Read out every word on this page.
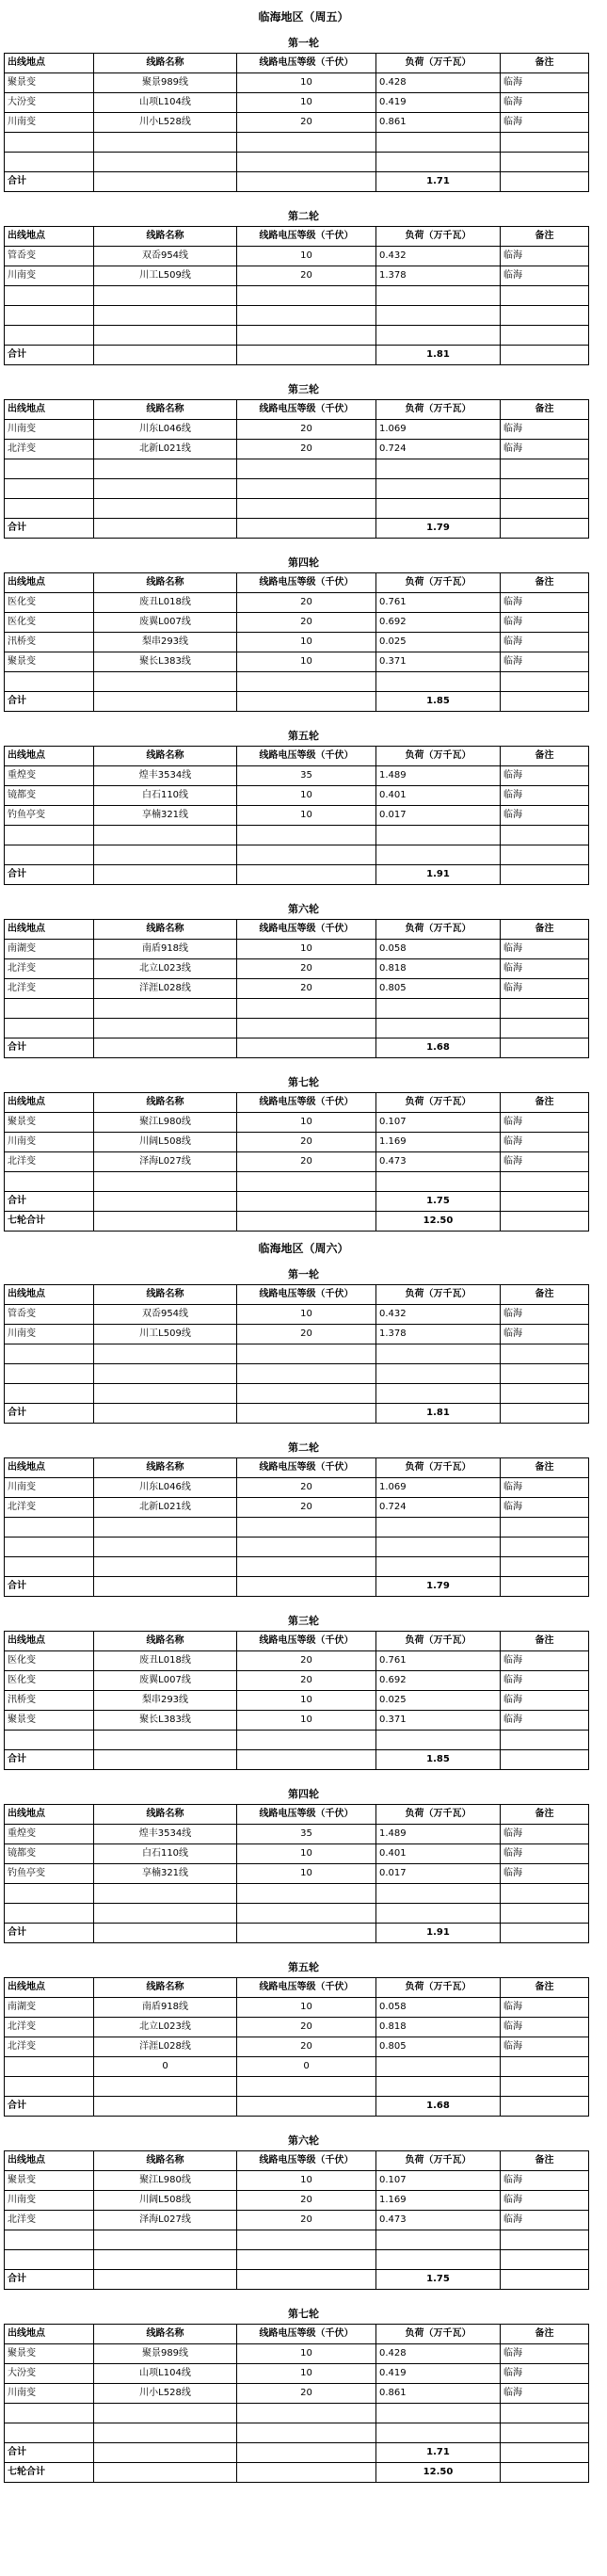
临海地区（周五）
第一轮
出线地点	线路名称	线路电压等级（千伏）	负荷（万千瓦）	备注
聚景变	聚景989线	10	0.428	临海
大汾变	山项L104线	10	0.419	临海
川南变	川小L528线	20	0.861	临海

合计			1.71	
第二轮
出线地点	线路名称	线路电压等级（千伏）	负荷（万千瓦）	备注
管岙变	双岙954线	10	0.432	临海
川南变	川工L509线	20	1.378	临海

合计			1.81	
第三轮
出线地点	线路名称	线路电压等级（千伏）	负荷（万千瓦）	备注
川南变	川东L046线	20	1.069	临海
北洋变	北新L021线	20	0.724	临海

合计			1.79	
第四轮
出线地点	线路名称	线路电压等级（千伏）	负荷（万千瓦）	备注
医化变	废丑L018线	20	0.761	临海
医化变	废翼L007线	20	0.692	临海
汛桥变	梨串293线	10	0.025	临海
聚景变	聚长L383线	10	0.371	临海

合计			1.85	
第五轮
出线地点	线路名称	线路电压等级（千伏）	负荷（万千瓦）	备注
重煌变	煌丰3534线	35	1.489	临海
镜都变	白石110线	10	0.401	临海
钓鱼亭变	享楠321线	10	0.017	临海

合计			1.91	
第六轮
出线地点	线路名称	线路电压等级（千伏）	负荷（万千瓦）	备注
南湖变	南盾918线	10	0.058	临海
北洋变	北立L023线	20	0.818	临海
北洋变	洋涯L028线	20	0.805	临海

合计			1.68	
第七轮
出线地点	线路名称	线路电压等级（千伏）	负荷（万千瓦）	备注
聚景变	聚江L980线	10	0.107	临海
川南变	川阔L508线	20	1.169	临海
北洋变	泽海L027线	20	0.473	临海

合计			1.75	
七轮合计			12.50	
临海地区（周六）
第一轮
出线地点	线路名称	线路电压等级（千伏）	负荷（万千瓦）	备注
管岙变	双岙954线	10	0.432	临海
川南变	川工L509线	20	1.378	临海

合计			1.81	
第二轮
出线地点	线路名称	线路电压等级（千伏）	负荷（万千瓦）	备注
川南变	川东L046线	20	1.069	临海
北洋变	北新L021线	20	0.724	临海

合计			1.79	
第三轮
出线地点	线路名称	线路电压等级（千伏）	负荷（万千瓦）	备注
医化变	废丑L018线	20	0.761	临海
医化变	废翼L007线	20	0.692	临海
汛桥变	梨串293线	10	0.025	临海
聚景变	聚长L383线	10	0.371	临海

合计			1.85	
第四轮
出线地点	线路名称	线路电压等级（千伏）	负荷（万千瓦）	备注
重煌变	煌丰3534线	35	1.489	临海
镜都变	白石110线	10	0.401	临海
钓鱼亭变	享楠321线	10	0.017	临海

合计			1.91	
第五轮
出线地点	线路名称	线路电压等级（千伏）	负荷（万千瓦）	备注
南湖变	南盾918线	10	0.058	临海
北洋变	北立L023线	20	0.818	临海
北洋变	洋涯L028线	20	0.805	临海
	0	0		

合计			1.68	
第六轮
出线地点	线路名称	线路电压等级（千伏）	负荷（万千瓦）	备注
聚景变	聚江L980线	10	0.107	临海
川南变	川阔L508线	20	1.169	临海
北洋变	泽海L027线	20	0.473	临海

合计			1.75	
第七轮
出线地点	线路名称	线路电压等级（千伏）	负荷（万千瓦）	备注
聚景变	聚景989线	10	0.428	临海
大汾变	山项L104线	10	0.419	临海
川南变	川小L528线	20	0.861	临海

合计			1.71	
七轮合计			12.50	
